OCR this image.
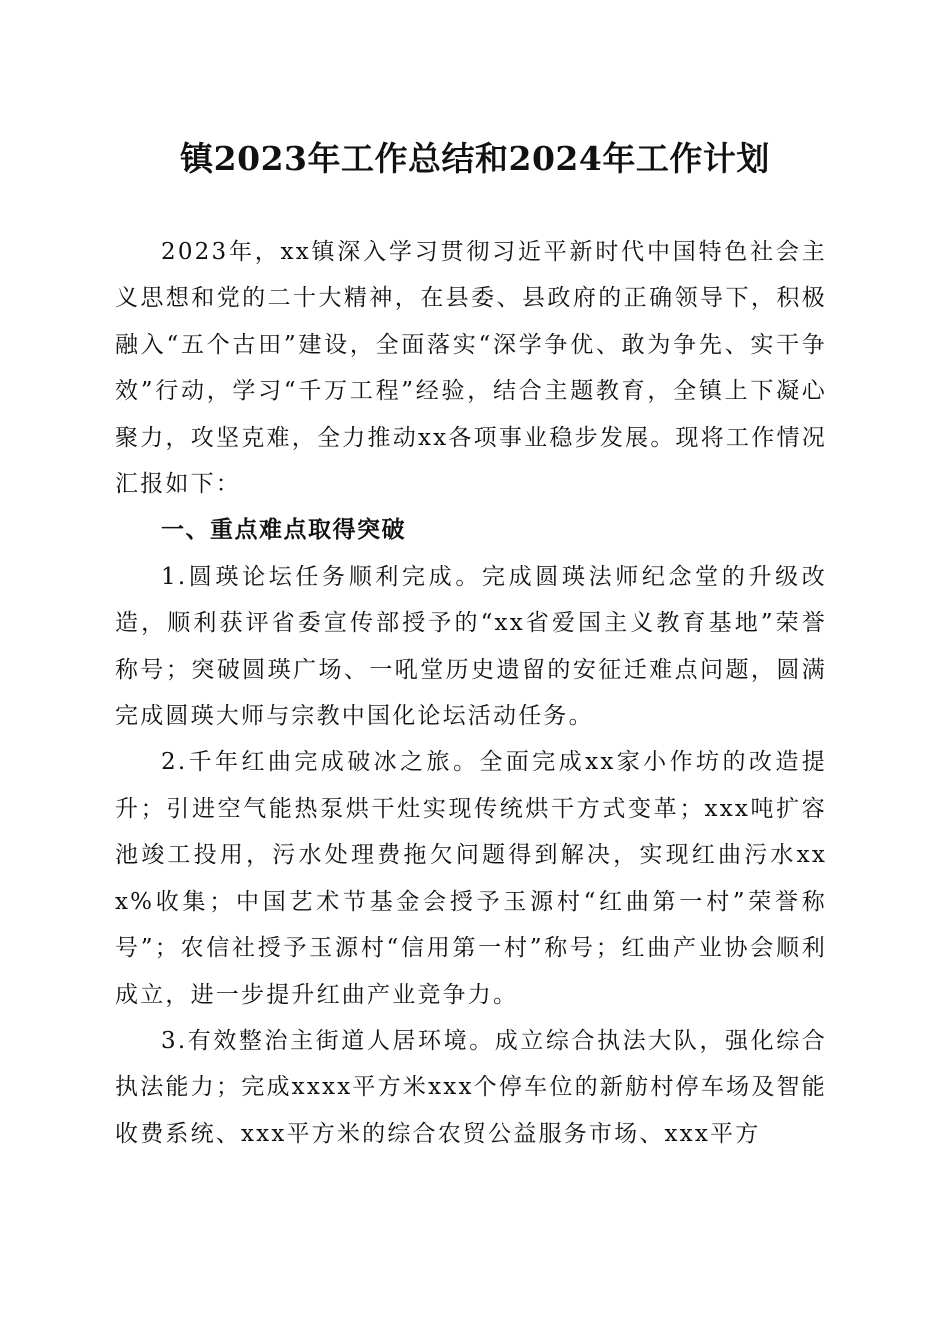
镇2023年工作总结和2024年工作计划

2023年，xx镇深入学习贯彻习近平新时代中国特色社会主义思想和党的二十大精神，在县委、县政府的正确领导下，积极融入“五个古田”建设，全面落实“深学争优、敢为争先、实干争效”行动，学习“千万工程”经验，结合主题教育，全镇上下凝心聚力，攻坚克难，全力推动xx各项事业稳步发展。现将工作情况汇报如下：

一、重点难点取得突破

1.圆瑛论坛任务顺利完成。完成圆瑛法师纪念堂的升级改造，顺利获评省委宣传部授予的“xx省爱国主义教育基地”荣誉称号；突破圆瑛广场、一吼堂历史遗留的安征迁难点问题，圆满完成圆瑛大师与宗教中国化论坛活动任务。

2.千年红曲完成破冰之旅。全面完成xx家小作坊的改造提升；引进空气能热泵烘干灶实现传统烘干方式变革；xxx吨扩容池竣工投用，污水处理费拖欠问题得到解决，实现红曲污水xxx%收集；中国艺术节基金会授予玉源村“红曲第一村”荣誉称号”；农信社授予玉源村“信用第一村”称号；红曲产业协会顺利成立，进一步提升红曲产业竞争力。

3.有效整治主街道人居环境。成立综合执法大队，强化综合执法能力；完成xxxx平方米xxx个停车位的新舫村停车场及智能收费系统、xxx平方米的综合农贸公益服务市场、xxx平方
